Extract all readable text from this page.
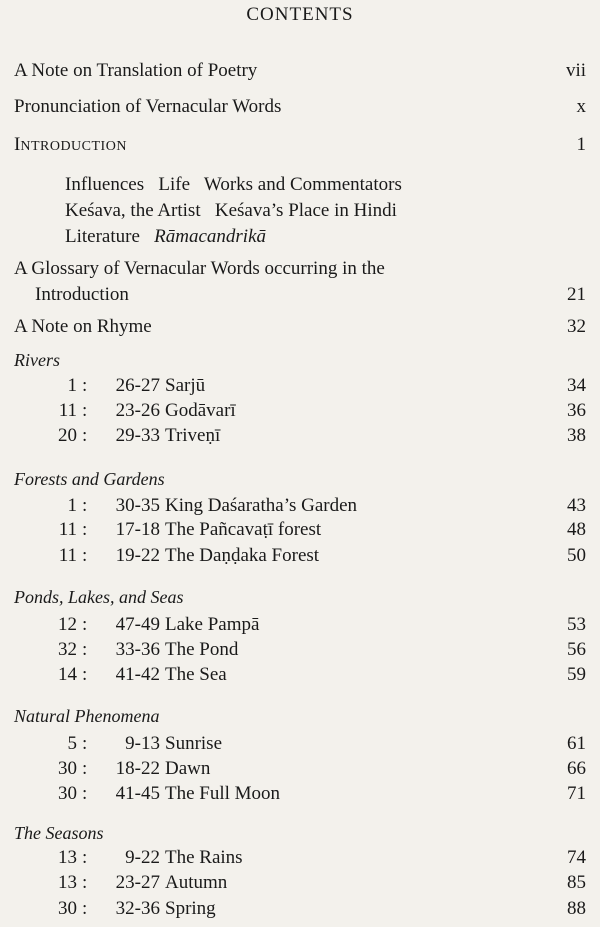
CONTENTS
A Note on Translation of Poetry	vii
Pronunciation of Vernacular Words	x
INTRODUCTION	1
Influences   Life   Works and Commentators
Keśava, the Artist   Keśava’s Place in Hindi
Literature Rāmacandrikā
A Glossary of Vernacular Words occurring in the
Introduction	21
A Note on Rhyme	32
Rivers
1 : 26-27 Sarjū	34
11 : 23-26 Godāvarī	36
20 : 29-33 Triveṇī	38
Forests and Gardens
1 : 30-35 King Daśaratha’s Garden	43
11 : 17-18 The Pañcavaṭī forest	48
11 : 19-22 The Daṇḍaka Forest	50
Ponds, Lakes, and Seas
12 : 47-49 Lake Pampā	53
32 : 33-36 The Pond	56
14 : 41-42 The Sea	59
Natural Phenomena
5 :	9-13 Sunrise	61
30 : 18-22 Dawn	66
30 : 41-45 The Full Moon	71
The Seasons
13 :	9-22 The Rains	74
13 : 23-27 Autumn	85
30 : 32-36 Spring	88
